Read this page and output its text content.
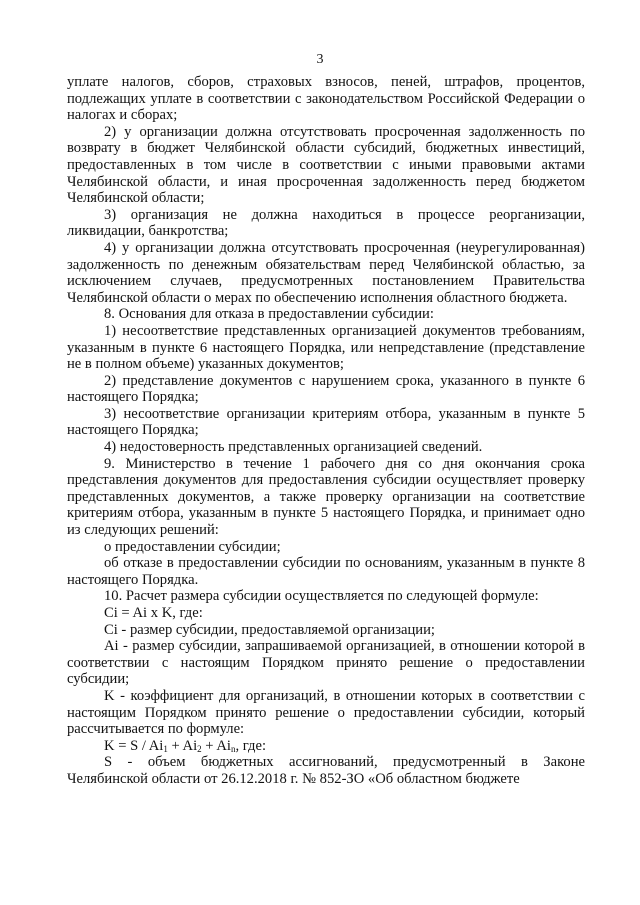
3

уплате налогов, сборов, страховых взносов, пеней, штрафов, процентов, подлежащих уплате в соответствии с законодательством Российской Федерации о налогах и сборах;

2) у организации должна отсутствовать просроченная задолженность по возврату в бюджет Челябинской области субсидий, бюджетных инвестиций, предоставленных в том числе в соответствии с иными правовыми актами Челябинской области, и иная просроченная задолженность перед бюджетом Челябинской области;

3) организация не должна находиться в процессе реорганизации, ликвидации, банкротства;

4) у организации должна отсутствовать просроченная (неурегулированная) задолженность по денежным обязательствам перед Челябинской областью, за исключением случаев, предусмотренных постановлением Правительства Челябинской области о мерах по обеспечению исполнения областного бюджета.

8. Основания для отказа в предоставлении субсидии:

1) несоответствие представленных организацией документов требованиям, указанным в пункте 6 настоящего Порядка, или непредставление (представление не в полном объеме) указанных документов;

2) представление документов с нарушением срока, указанного в пункте 6 настоящего Порядка;

3) несоответствие организации критериям отбора, указанным в пункте 5 настоящего Порядка;

4) недостоверность представленных организацией сведений.

9. Министерство в течение 1 рабочего дня со дня окончания срока представления документов для предоставления субсидии осуществляет проверку представленных документов, а также проверку организации на соответствие критериям отбора, указанным в пункте 5 настоящего Порядка, и принимает одно из следующих решений:

о предоставлении субсидии;

об отказе в предоставлении субсидии по основаниям, указанным в пункте 8 настоящего Порядка.

10. Расчет размера субсидии осуществляется по следующей формуле:

Ci = Ai x K, где:

Ci - размер субсидии, предоставляемой организации;

Ai - размер субсидии, запрашиваемой организацией, в отношении которой в соответствии с настоящим Порядком принято решение о предоставлении субсидии;

K - коэффициент для организаций, в отношении которых в соответствии с настоящим Порядком принято решение о предоставлении субсидии, который рассчитывается по формуле:

$K = S / Ai_1 + Ai_2 + Ai_n$, где:

S - объем бюджетных ассигнований, предусмотренный в Законе Челябинской области от 26.12.2018 г. № 852-ЗО «Об областном бюджете
